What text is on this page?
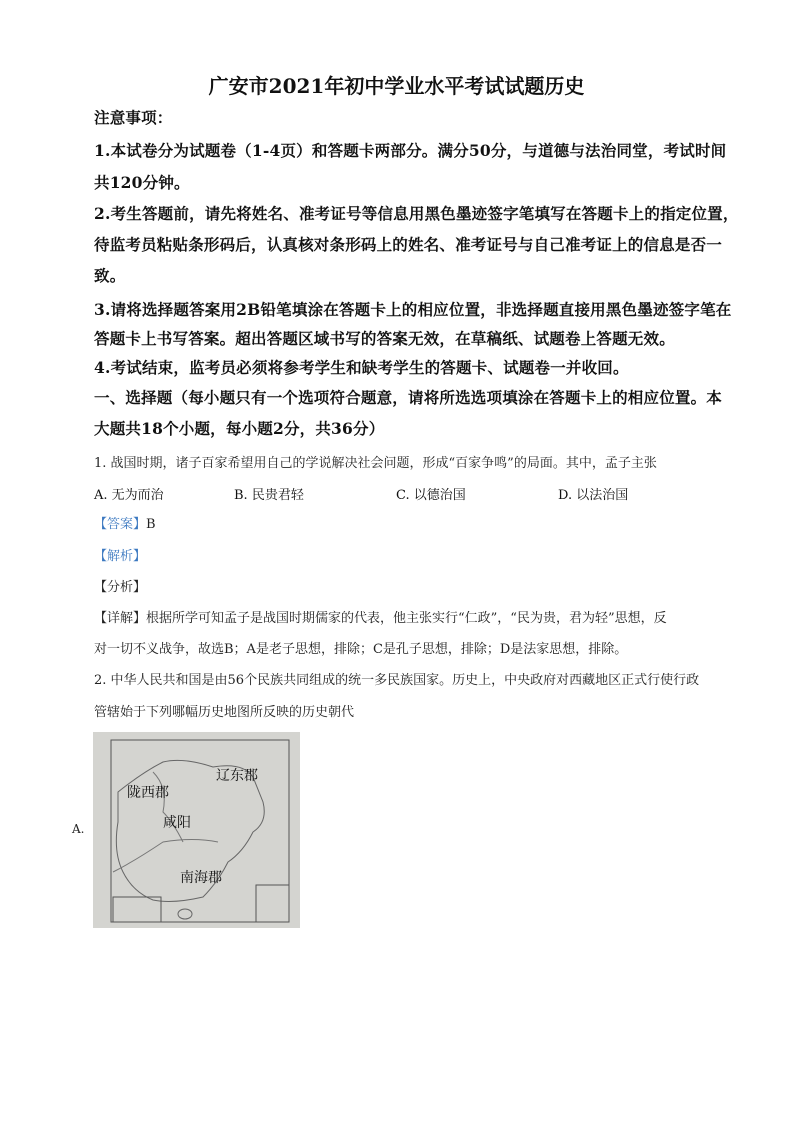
广安市2021年初中学业水平考试试题历史
注意事项：
1.本试卷分为试题卷（1-4页）和答题卡两部分。满分50分，与道德与法治同堂，考试时间
共120分钟。
2.考生答题前，请先将姓名、准考证号等信息用黑色墨迹签字笔填写在答题卡上的指定位置，
待监考员粘贴条形码后，认真核对条形码上的姓名、准考证号与自己准考证上的信息是否一
致。
3.请将选择题答案用2B铅笔填涂在答题卡上的相应位置，非选择题直接用黑色墨迹签字笔在
答题卡上书写答案。超出答题区域书写的答案无效，在草稿纸、试题卷上答题无效。
4.考试结束，监考员必须将参考学生和缺考学生的答题卡、试题卷一并收回。
一、选择题（每小题只有一个选项符合题意，请将所选选项填涂在答题卡上的相应位置。本
大题共18个小题，每小题2分，共36分）
1. 战国时期，诸子百家希望用自己的学说解决社会问题，形成“百家争鸣”的局面。其中，孟子主张
A. 无为而治	B. 民贵君轻	C. 以德治国	D. 以法治国
【答案】B
【解析】
【分析】
【详解】根据所学可知孟子是战国时期儒家的代表，他主张实行“仁政”，“民为贵，君为轻”思想，反
对一切不义战争，故选B；A是老子思想，排除；C是孔子思想，排除；D是法家思想，排除。
2. 中华人民共和国是由56个民族共同组成的统一多民族国家。历史上，中央政府对西藏地区正式行使行政
管辖始于下列哪幅历史地图所反映的历史朝代
A.
辽东郡
陇西郡
咸阳
南海郡
